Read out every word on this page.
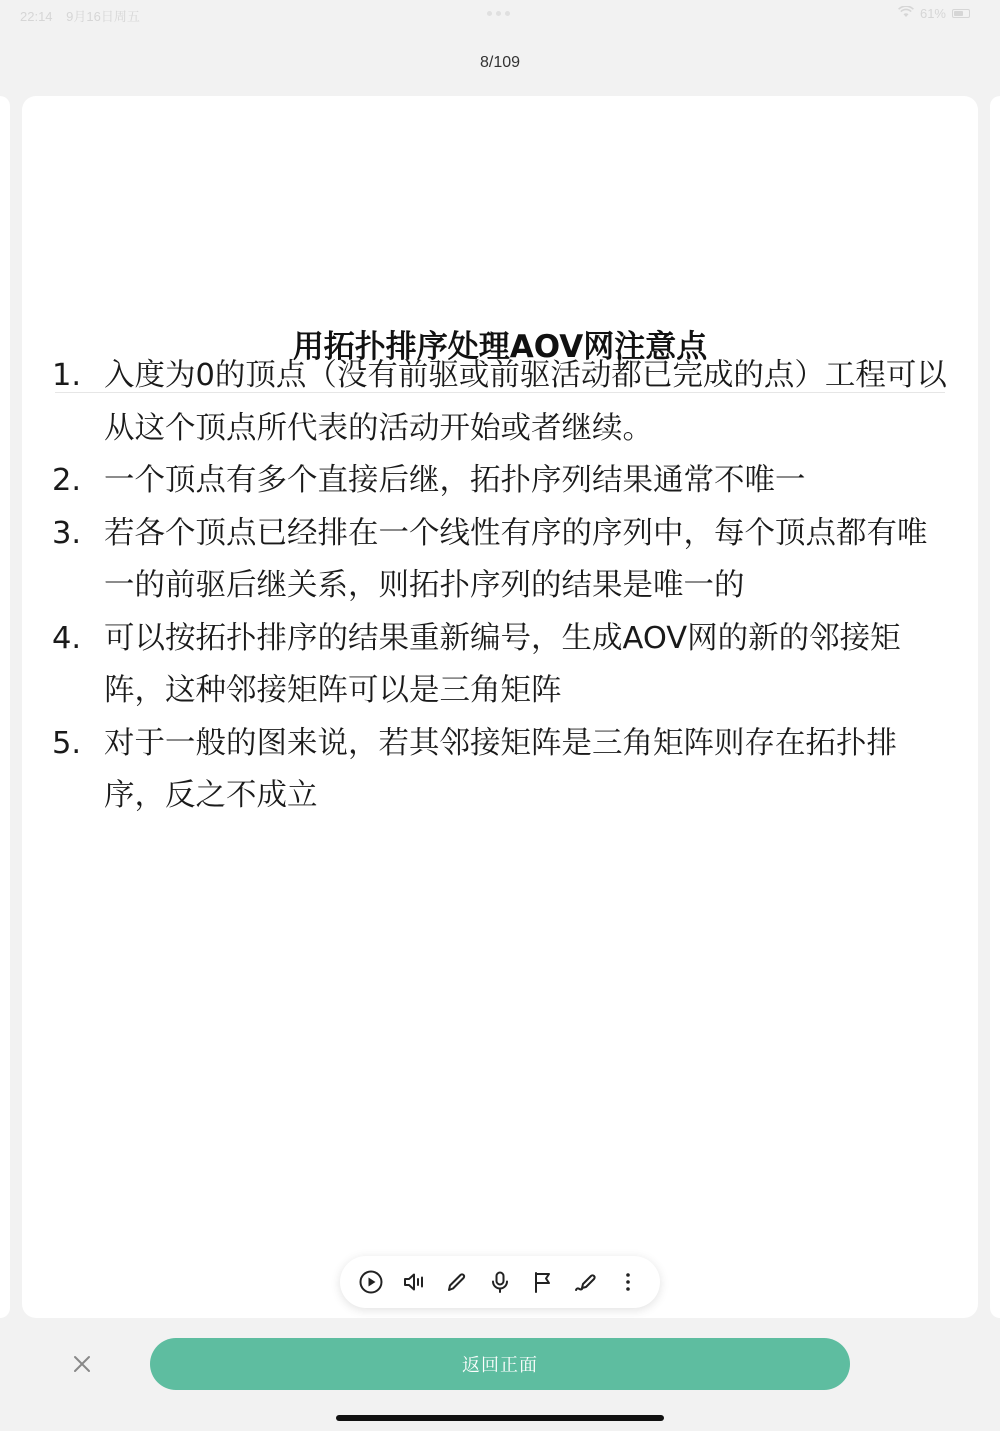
22:14 9月16日周五	61%
8/109
用拓扑排序处理AOV网注意点
1. 入度为0的顶点（没有前驱或前驱活动都已完成的点）工程可以从这个顶点所代表的活动开始或者继续。
2. 一个顶点有多个直接后继，拓扑序列结果通常不唯一
3. 若各个顶点已经排在一个线性有序的序列中，每个顶点都有唯一的前驱后继关系，则拓扑序列的结果是唯一的
4. 可以按拓扑排序的结果重新编号，生成AOV网的新的邻接矩阵，这种邻接矩阵可以是三角矩阵
5. 对于一般的图来说，若其邻接矩阵是三角矩阵则存在拓扑排序，反之不成立
返回正面
